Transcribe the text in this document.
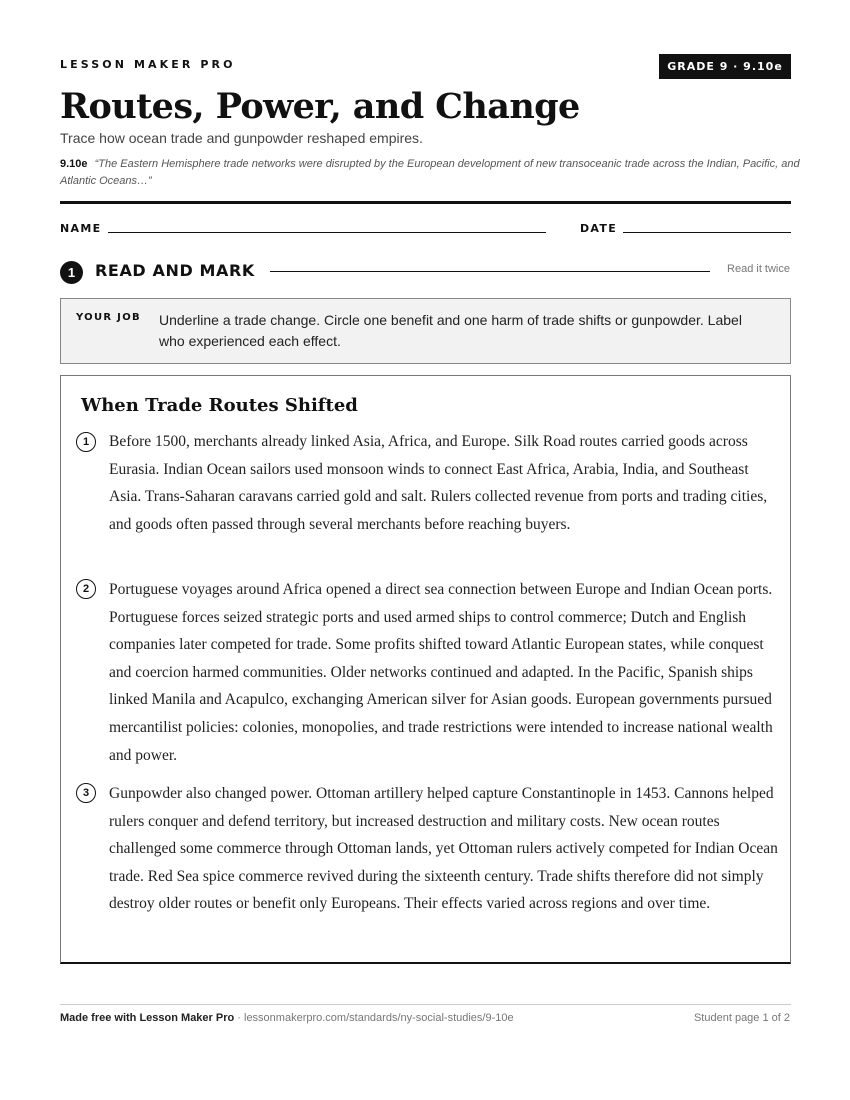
LESSON MAKER PRO	GRADE 9 · 9.10e
Routes, Power, and Change
Trace how ocean trade and gunpowder reshaped empires.
9.10e “The Eastern Hemisphere trade networks were disrupted by the European development of new transoceanic trade across the Indian, Pacific, and Atlantic Oceans…”
NAME	DATE
1	READ AND MARK	Read it twice
YOUR JOB Underline a trade change. Circle one benefit and one harm of trade shifts or gunpowder. Label who experienced each effect.
When Trade Routes Shifted
1	Before 1500, merchants already linked Asia, Africa, and Europe. Silk Road routes carried goods across Eurasia. Indian Ocean sailors used monsoon winds to connect East Africa, Arabia, India, and Southeast Asia. Trans-Saharan caravans carried gold and salt. Rulers collected revenue from ports and trading cities, and goods often passed through several merchants before reaching buyers.
2	Portuguese voyages around Africa opened a direct sea connection between Europe and Indian Ocean ports. Portuguese forces seized strategic ports and used armed ships to control commerce; Dutch and English companies later competed for trade. Some profits shifted toward Atlantic European states, while conquest and coercion harmed communities. Older networks continued and adapted. In the Pacific, Spanish ships linked Manila and Acapulco, exchanging American silver for Asian goods. European governments pursued mercantilist policies: colonies, monopolies, and trade restrictions were intended to increase national wealth and power.
3	Gunpowder also changed power. Ottoman artillery helped capture Constantinople in 1453. Cannons helped rulers conquer and defend territory, but increased destruction and military costs. New ocean routes challenged some commerce through Ottoman lands, yet Ottoman rulers actively competed for Indian Ocean trade. Red Sea spice commerce revived during the sixteenth century. Trade shifts therefore did not simply destroy older routes or benefit only Europeans. Their effects varied across regions and over time.
Made free with Lesson Maker Pro · lessonmakerpro.com/standards/ny-social-studies/9-10e	Student page 1 of 2
